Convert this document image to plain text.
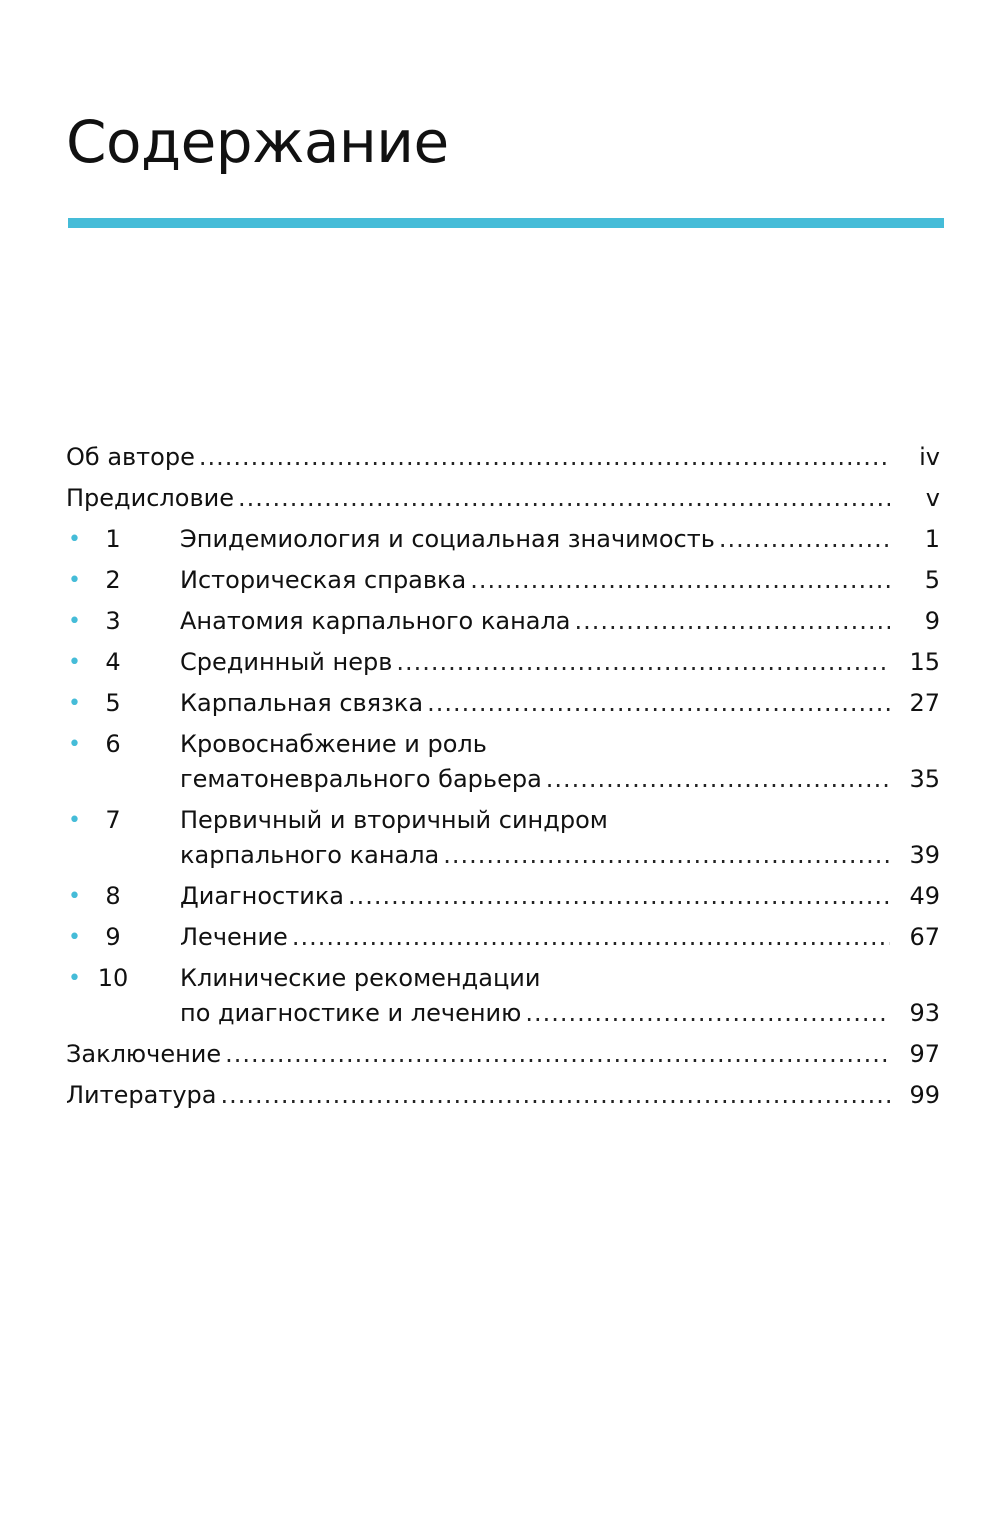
Содержание
Об авторе .....	iv
Предисловие .....	v
•	1	Эпидемиология и социальная значимость .....	1
•	2	Историческая справка .....	5
•	3	Анатомия карпального канала .....	9
•	4	Срединный нерв .....	15
•	5	Карпальная связка .....	27
•	6	Кровоснабжение и роль
гематоневрального барьера .....	35
•	7	Первичный и вторичный синдром
карпального канала .....	39
•	8	Диагностика .....	49
•	9	Лечение .....	67
• 10 Клинические рекомендации
по диагностике и лечению .....	93
Заключение .....	97
Литература .....	99
